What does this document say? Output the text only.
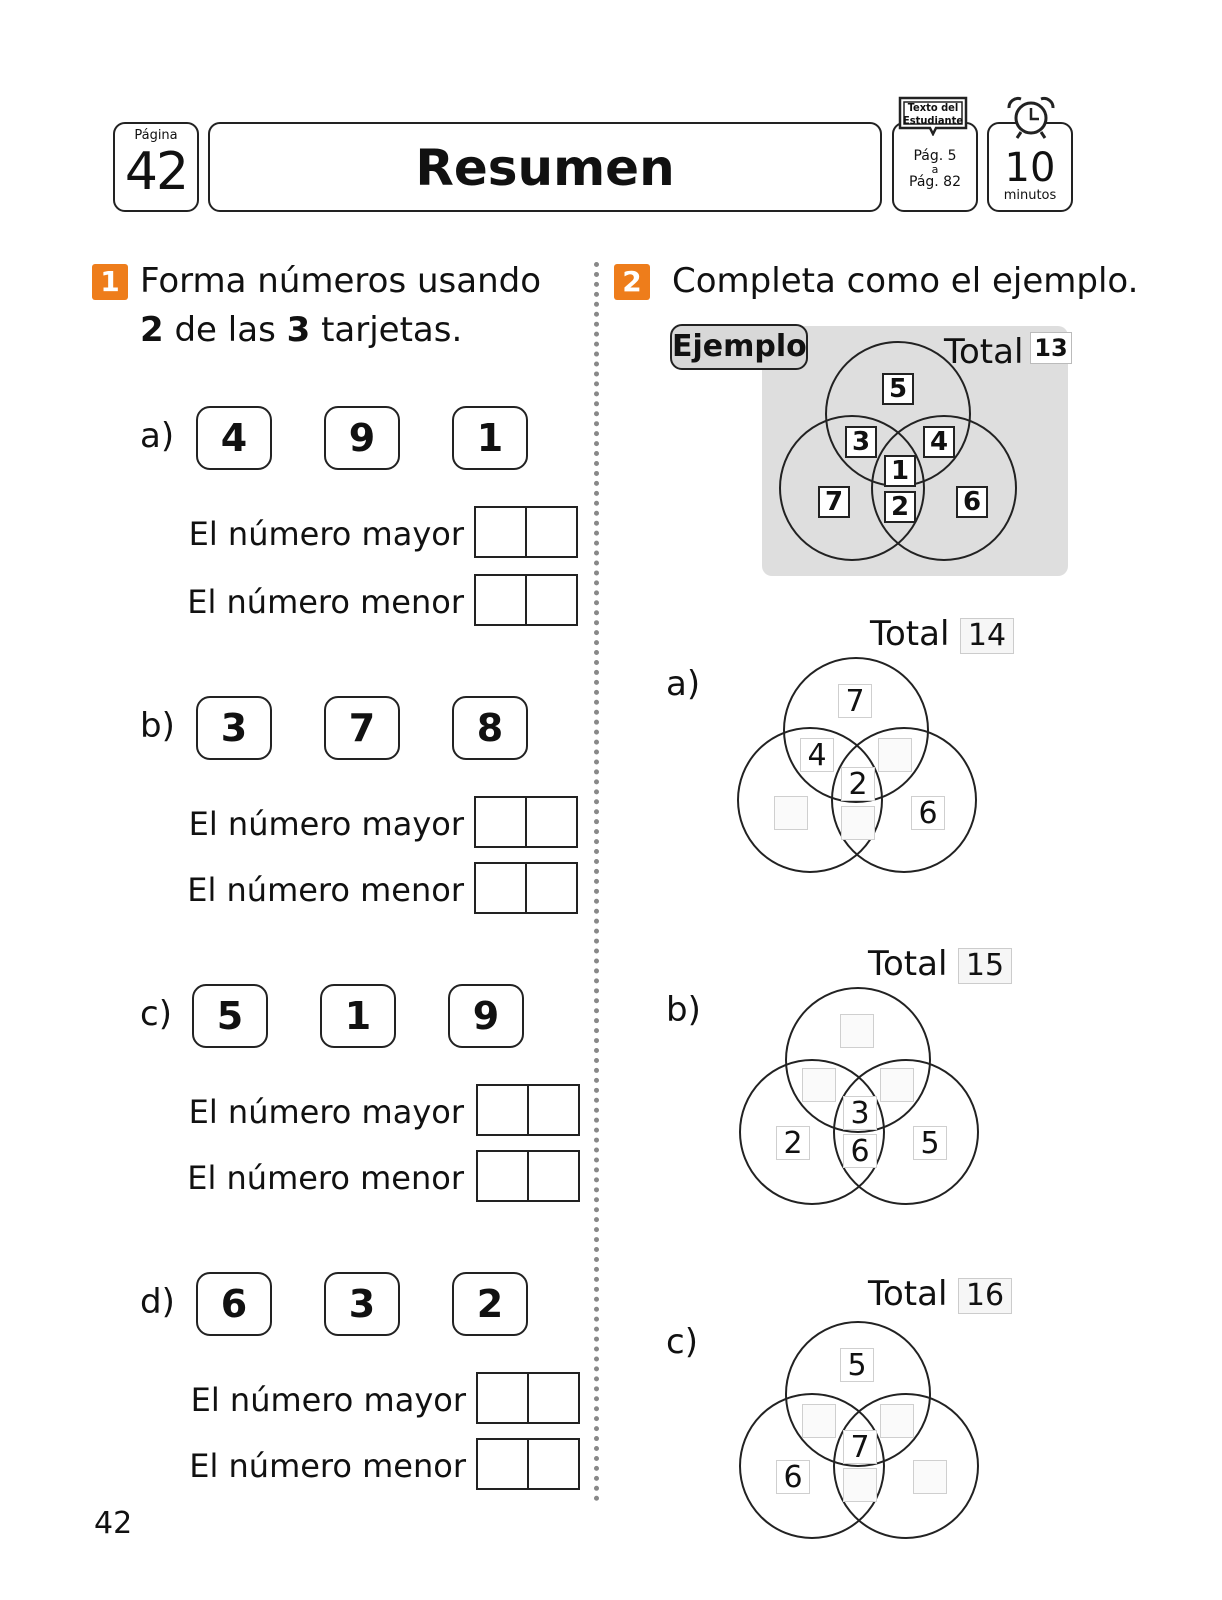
Página
42	Resumen
Texto del Estudiante
Pág. 5
a
Pág. 82	10
minutos
1 Forma números usando
2 de las 3 tarjetas.
a)	4	9	1
El número mayor
El número menor
b)	3	7	8
El número mayor
El número menor
c)	5	1	9
El número mayor
El número menor
d)	6	3	2
El número mayor
El número menor
2 Completa como el ejemplo.
Ejemplo	Total 13
5
3 4
1
7 2 6
a)
Total 14
7
4
2
6
b)
Total 15
3
2 6 5
c)
Total 16
5
7
6
42
